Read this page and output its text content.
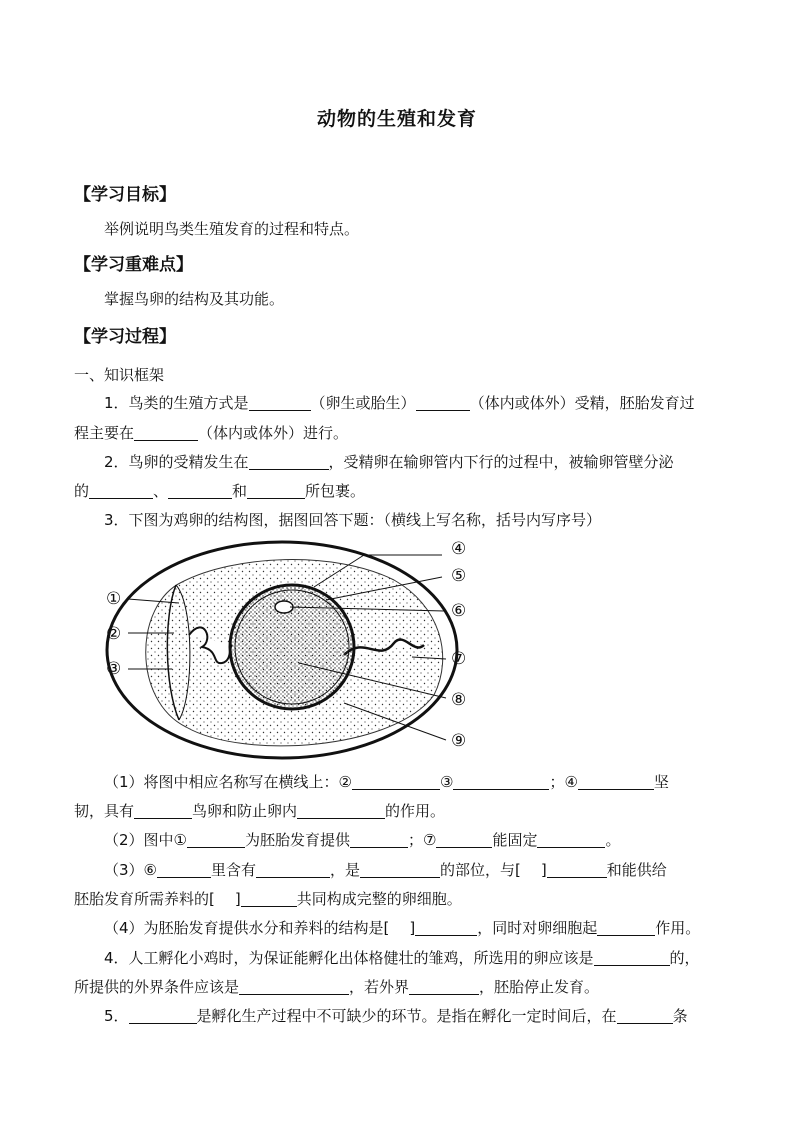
动物的生殖和发育
【学习目标】
举例说明鸟类生殖发育的过程和特点。
【学习重难点】
掌握鸟卵的结构及其功能。
【学习过程】
一、知识框架
1．鸟类的生殖方式是	（卵生或胎生）	（体内或体外）受精，胚胎发育过
程主要在	（体内或体外）进行。
2．鸟卵的受精发生在	，受精卵在输卵管内下行的过程中，被输卵管壁分泌
的	、	和	所包裹。
3．下图为鸡卵的结构图，据图回答下题：（横线上写名称，括号内写序号）
①
②
③
④
⑤
⑥
⑦
⑧
⑨
（1）将图中相应名称写在横线上：②	③	；④	坚
韧，具有	鸟卵和防止卵内	的作用。
（2）图中①	为胚胎发育提供	；⑦	能固定	。
（3）⑥	里含有	，是	的部位，与[ ]	和能供给
胚胎发育所需养料的[ ]	共同构成完整的卵细胞。
（4）为胚胎发育提供水分和养料的结构是[ ]	，同时对卵细胞起	作用。
4．人工孵化小鸡时，为保证能孵化出体格健壮的雏鸡，所选用的卵应该是	的，
所提供的外界条件应该是	，若外界	，胚胎停止发育。
5．	是孵化生产过程中不可缺少的环节。是指在孵化一定时间后，在	条
